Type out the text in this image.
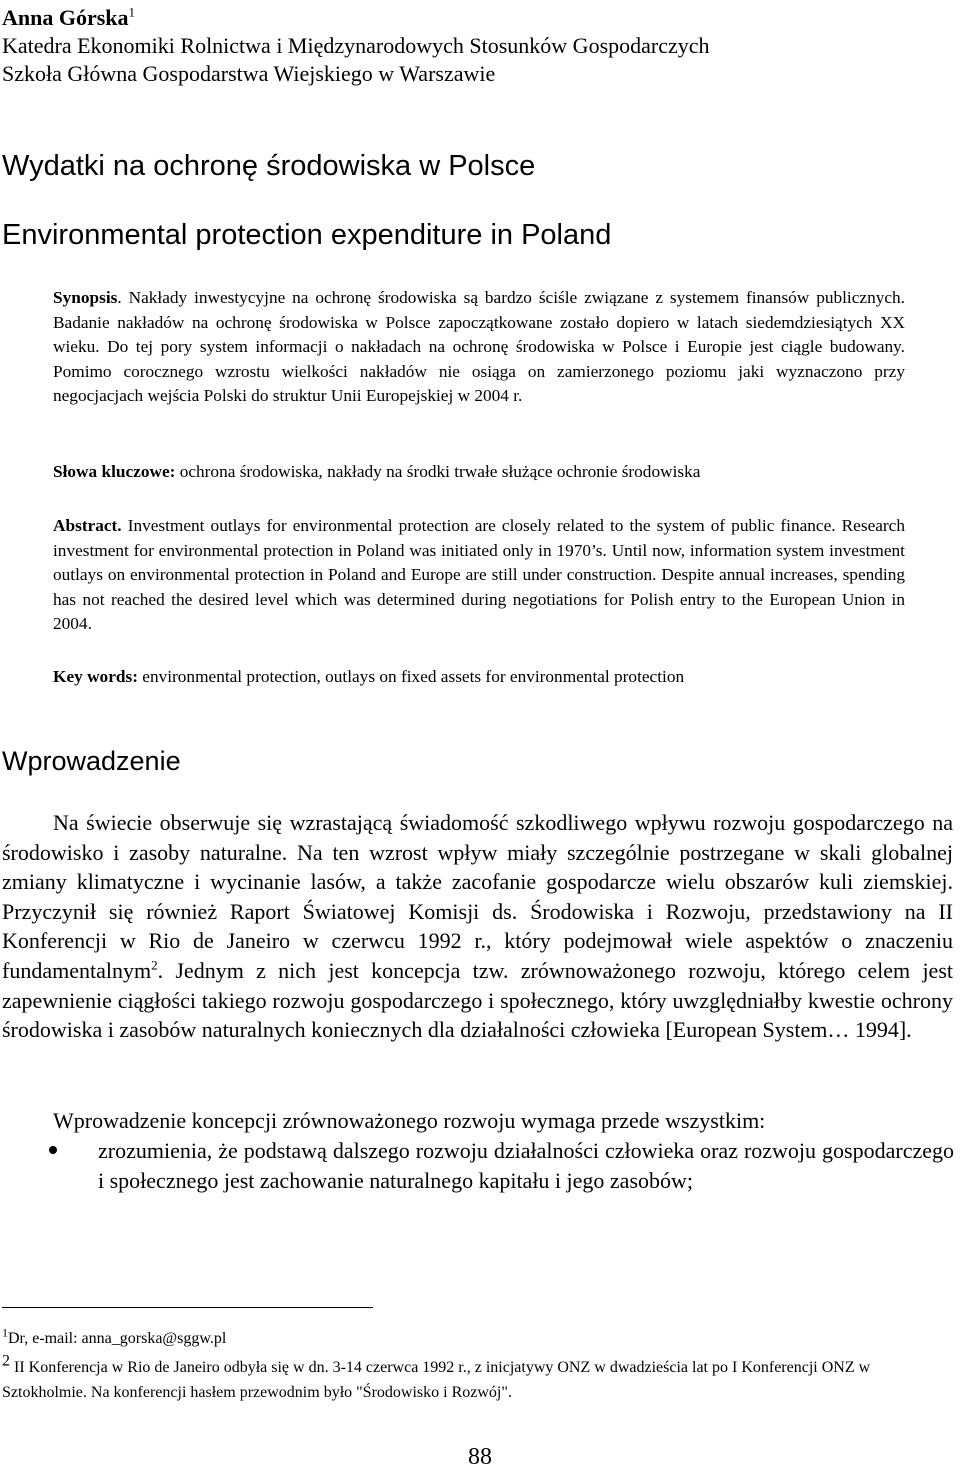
Anna Górska$^1$
Katedra Ekonomiki Rolnictwa i Międzynarodowych Stosunków Gospodarczych
Szkoła Główna Gospodarstwa Wiejskiego w Warszawie
Wydatki na ochronę środowiska w Polsce
Environmental protection expenditure in Poland
Synopsis. Nakłady inwestycyjne na ochronę środowiska są bardzo ściśle związane z systemem finansów publicznych. Badanie nakładów na ochronę środowiska w Polsce zapoczątkowane zostało dopiero w latach siedemdziesiątych XX wieku. Do tej pory system informacji o nakładach na ochronę środowiska w Polsce i Europie jest ciągle budowany. Pomimo corocznego wzrostu wielkości nakładów nie osiąga on zamierzonego poziomu jaki wyznaczono przy negocjacjach wejścia Polski do struktur Unii Europejskiej w 2004 r.
Słowa kluczowe: ochrona środowiska, nakłady na środki trwałe służące ochronie środowiska
Abstract. Investment outlays for environmental protection are closely related to the system of public finance. Research investment for environmental protection in Poland was initiated only in 1970’s. Until now, information system investment outlays on environmental protection in Poland and Europe are still under construction. Despite annual increases, spending has not reached the desired level which was determined during negotiations for Polish entry to the European Union in 2004.
Key words: environmental protection, outlays on fixed assets for environmental protection
Wprowadzenie

Na świecie obserwuje się wzrastającą świadomość szkodliwego wpływu rozwoju gospodarczego na środowisko i zasoby naturalne. Na ten wzrost wpływ miały szczególnie postrzegane w skali globalnej zmiany klimatyczne i wycinanie lasów, a także zacofanie gospodarcze wielu obszarów kuli ziemskiej. Przyczynił się również Raport Światowej Komisji ds. Środowiska i Rozwoju, przedstawiony na II Konferencji w Rio de Janeiro w czerwcu 1992 r., który podejmował wiele aspektów o znaczeniu fundamentalnym$^2$. Jednym z nich jest koncepcja tzw. zrównoważonego rozwoju, którego celem jest zapewnienie ciągłości takiego rozwoju gospodarczego i społecznego, który uwzględniałby kwestie ochrony środowiska i zasobów naturalnych koniecznych dla działalności człowieka [European System… 1994].

Wprowadzenie koncepcji zrównoważonego rozwoju wymaga przede wszystkim:
zrozumienia, że podstawą dalszego rozwoju działalności człowieka oraz rozwoju gospodarczego i społecznego jest zachowanie naturalnego kapitału i jego zasobów;

$^1$Dr, e-mail: anna_gorska@sggw.pl

$^2$ II Konferencja w Rio de Janeiro odbyła się w dn. 3-14 czerwca 1992 r., z inicjatywy ONZ w dwadzieścia lat po I Konferencji ONZ w Sztokholmie. Na konferencji hasłem przewodnim było "Środowisko i Rozwój".

88
